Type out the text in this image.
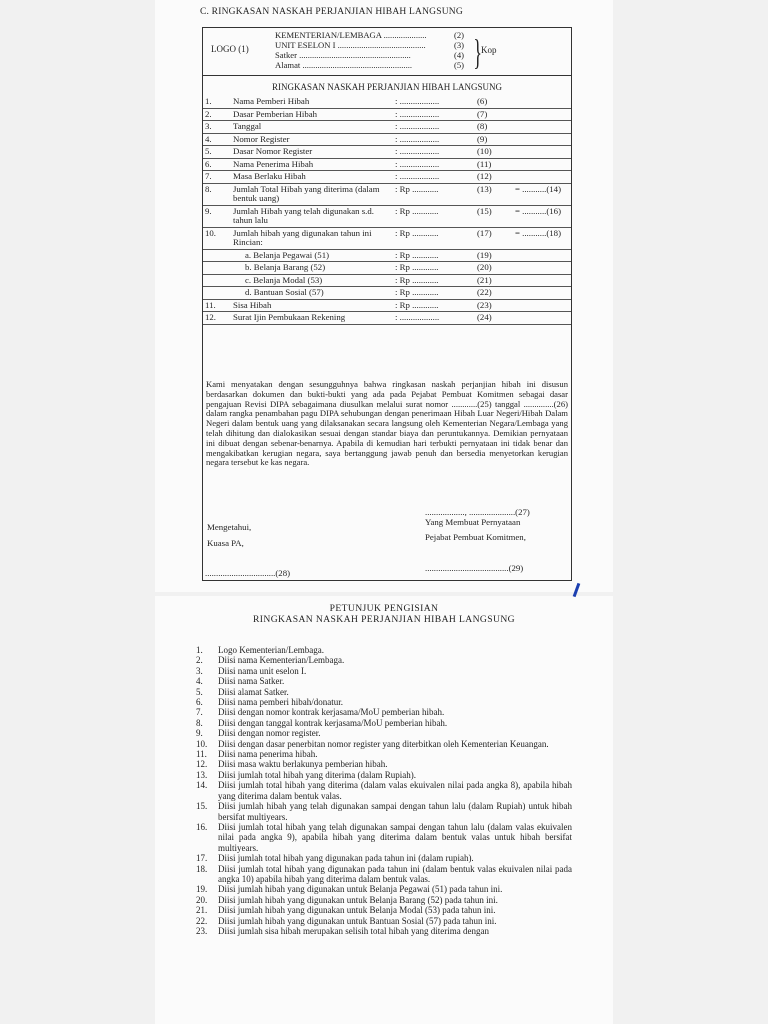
C. RINGKASAN NASKAH PERJANJIAN HIBAH LANGSUNG
LOGO (1)
KEMENTERIAN/LEMBAGA ....................	(2)
UNIT ESELON I .........................................	(3)
Satker ....................................................	(4)
Alamat ...................................................	(5) } Kop
RINGKASAN NASKAH PERJANJIAN HIBAH LANGSUNG
1.	Nama Pemberi Hibah	: ..................	(6)	
2.	Dasar Pemberian Hibah	: ..................	(7)	
3.	Tanggal	: ..................	(8)	
4.	Nomor Register	: ..................	(9)	
5.	Dasar Nomor Register	: ..................	(10)	
6.	Nama Penerima Hibah	: ..................	(11)	
7.	Masa Berlaku Hibah	: ..................	(12)	
8.	Jumlah Total Hibah yang diterima (dalam bentuk uang)	: Rp ............	(13)	= ...........(14)
9.	Jumlah Hibah yang telah digunakan s.d. tahun lalu	: Rp ............	(15)	= ...........(16)
10.	Jumlah hibah yang digunakan tahun ini Rincian:	: Rp ............	(17)	= ...........(18)
	a. Belanja Pegawai (51)	: Rp ............	(19)	
	b. Belanja Barang (52)	: Rp ............	(20)	
	c. Belanja Modal (53)	: Rp ............	(21)	
	d. Bantuan Sosial (57)	: Rp ............	(22)	
11.	Sisa Hibah	: Rp ............	(23)	
12.	Surat Ijin Pembukaan Rekening	: ..................	(24)	
Kami menyatakan dengan sesungguhnya bahwa ringkasan naskah perjanjian hibah ini disusun berdasarkan dokumen dan bukti-bukti yang ada pada Pejabat Pembuat Komitmen sebagai dasar pengajuan Revisi DIPA sebagaimana diusulkan melalui surat nomor ............(25) tanggal ..............(26) dalam rangka penambahan pagu DIPA sehubungan dengan penerimaan Hibah Luar Negeri/Hibah Dalam Negeri dalam bentuk uang yang dilaksanakan secara langsung oleh Kementerian Negara/Lembaga yang telah dihitung dan dialokasikan sesuai dengan standar biaya dan peruntukannya. Demikian pernyataan ini dibuat dengan sebenar-benarnya. Apabila di kemudian hari terbukti pernyataan ini tidak benar dan mengakibatkan kerugian negara, saya bertanggung jawab penuh dan bersedia menyetorkan kerugian negara tersebut ke kas negara.
.................., .....................(27)
Mengetahui,	Yang Membuat Pernyataan
Kuasa PA,
Pejabat Pembuat Komitmen,
................................(28)	......................................(29)
PETUNJUK PENGISIAN
RINGKASAN NASKAH PERJANJIAN HIBAH LANGSUNG
1.	Logo Kementerian/Lembaga.
2.	Diisi nama Kementerian/Lembaga.
3.	Diisi nama unit eselon I.
4.	Diisi nama Satker.
5.	Diisi alamat Satker.
6.	Diisi nama pemberi hibah/donatur.
7.	Diisi dengan nomor kontrak kerjasama/MoU pemberian hibah.
8.	Diisi dengan tanggal kontrak kerjasama/MoU pemberian hibah.
9.	Diisi dengan nomor register.
10.	Diisi dengan dasar penerbitan nomor register yang diterbitkan oleh Kementerian Keuangan.
11.	Diisi nama penerima hibah.
12.	Diisi masa waktu berlakunya pemberian hibah.
13.	Diisi jumlah total hibah yang diterima (dalam Rupiah).
14.	Diisi jumlah total hibah yang diterima (dalam valas ekuivalen nilai pada angka 8), apabila hibah yang diterima dalam bentuk valas.
15.	Diisi jumlah hibah yang telah digunakan sampai dengan tahun lalu (dalam Rupiah) untuk hibah bersifat multiyears.
16.	Diisi jumlah total hibah yang telah digunakan sampai dengan tahun lalu (dalam valas ekuivalen nilai pada angka 9), apabila hibah yang diterima dalam bentuk valas untuk hibah bersifat multiyears.
17.	Diisi jumlah total hibah yang digunakan pada tahun ini (dalam rupiah).
18.	Diisi jumlah total hibah yang digunakan pada tahun ini (dalam bentuk valas ekuivalen nilai pada angka 10) apabila hibah yang diterima dalam bentuk valas.
19.	Diisi jumlah hibah yang digunakan untuk Belanja Pegawai (51) pada tahun ini.
20.	Diisi jumlah hibah yang digunakan untuk Belanja Barang (52) pada tahun ini.
21.	Diisi jumlah hibah yang digunakan untuk Belanja Modal (53) pada tahun ini.
22.	Diisi jumlah hibah yang digunakan untuk Bantuan Sosial (57) pada tahun ini.
23.	Diisi jumlah sisa hibah merupakan selisih total hibah yang diterima dengan
